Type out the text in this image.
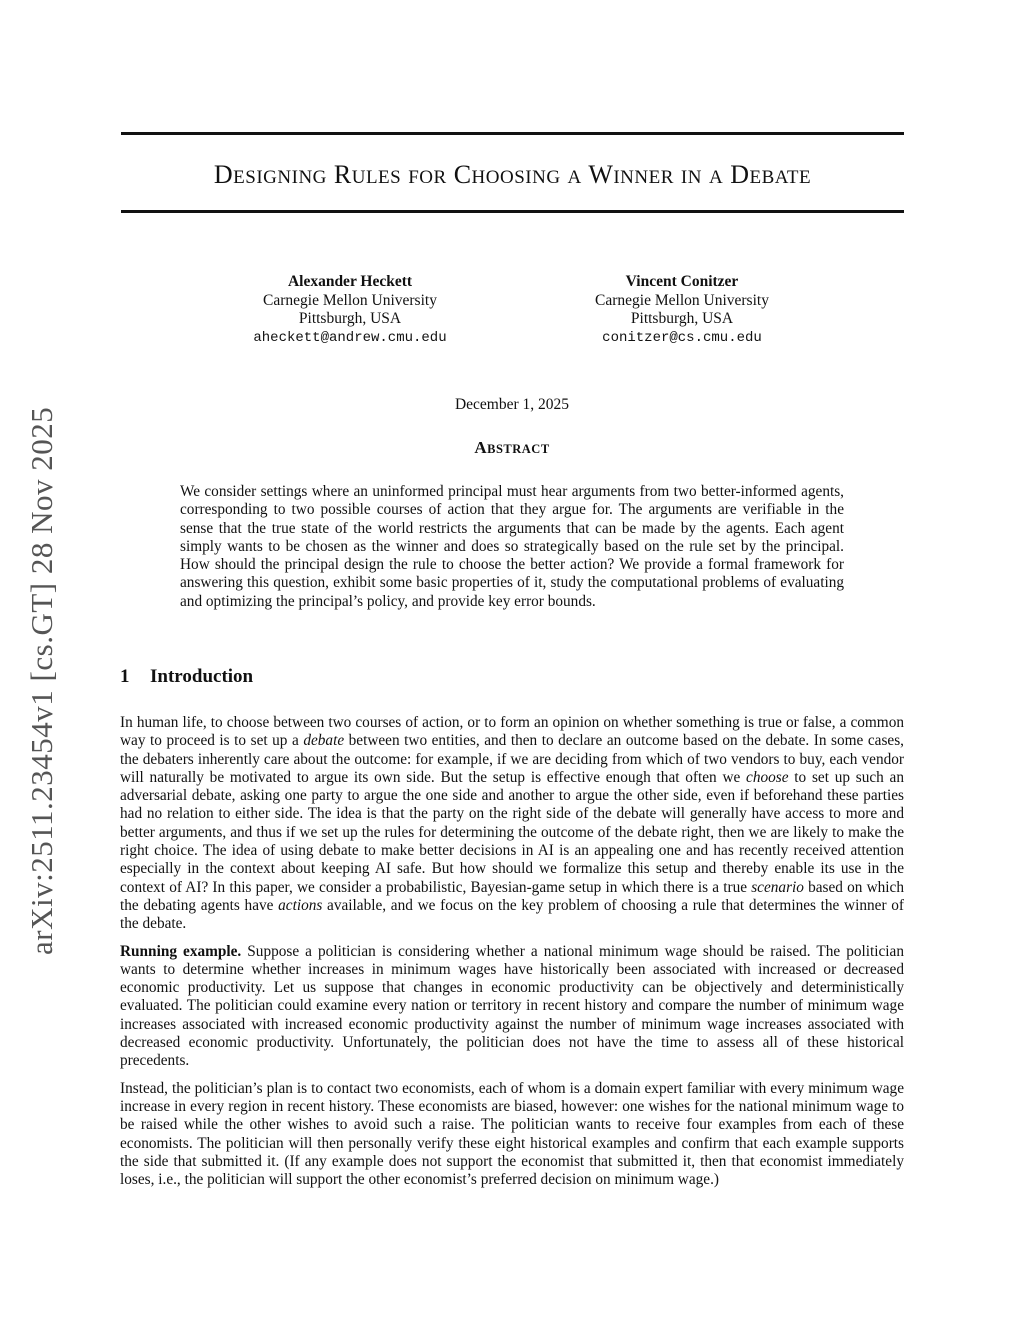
DESIGNING RULES FOR CHOOSING A WINNER IN A DEBATE
Alexander Heckett
Carnegie Mellon University
Pittsburgh, USA
aheckett@andrew.cmu.edu
Vincent Conitzer
Carnegie Mellon University
Pittsburgh, USA
conitzer@cs.cmu.edu
December 1, 2025
ABSTRACT

We consider settings where an uninformed principal must hear arguments from two better-informed agents, corresponding to two possible courses of action that they argue for. The arguments are verifiable in the sense that the true state of the world restricts the arguments that can be made by the agents. Each agent simply wants to be chosen as the winner and does so strategically based on the rule set by the principal. How should the principal design the rule to choose the better action? We provide a formal framework for answering this question, exhibit some basic properties of it, study the computational problems of evaluating and optimizing the principal’s policy, and provide key error bounds.

1 Introduction

In human life, to choose between two courses of action, or to form an opinion on whether something is true or false, a common way to proceed is to set up a debate between two entities, and then to declare an outcome based on the debate. In some cases, the debaters inherently care about the outcome: for example, if we are deciding from which of two vendors to buy, each vendor will naturally be motivated to argue its own side. But the setup is effective enough that often we choose to set up such an adversarial debate, asking one party to argue the one side and another to argue the other side, even if beforehand these parties had no relation to either side. The idea is that the party on the right side of the debate will generally have access to more and better arguments, and thus if we set up the rules for determining the outcome of the debate right, then we are likely to make the right choice. The idea of using debate to make better decisions in AI is an appealing one and has recently received attention especially in the context about keeping AI safe. But how should we formalize this setup and thereby enable its use in the context of AI? In this paper, we consider a probabilistic, Bayesian-game setup in which there is a true scenario based on which the debating agents have actions available, and we focus on the key problem of choosing a rule that determines the winner of the debate.

Running example. Suppose a politician is considering whether a national minimum wage should be raised. The politician wants to determine whether increases in minimum wages have historically been associated with increased or decreased economic productivity. Let us suppose that changes in economic productivity can be objectively and deterministically evaluated. The politician could examine every nation or territory in recent history and compare the number of minimum wage increases associated with increased economic productivity against the number of minimum wage increases associated with decreased economic productivity. Unfortunately, the politician does not have the time to assess all of these historical precedents.

Instead, the politician’s plan is to contact two economists, each of whom is a domain expert familiar with every minimum wage increase in every region in recent history. These economists are biased, however: one wishes for the national minimum wage to be raised while the other wishes to avoid such a raise. The politician wants to receive four examples from each of these economists. The politician will then personally verify these eight historical examples and confirm that each example supports the side that submitted it. (If any example does not support the economist that submitted it, then that economist immediately loses, i.e., the politician will support the other economist’s preferred decision on minimum wage.)

arXiv:2511.23454v1 [cs.GT] 28 Nov 2025
